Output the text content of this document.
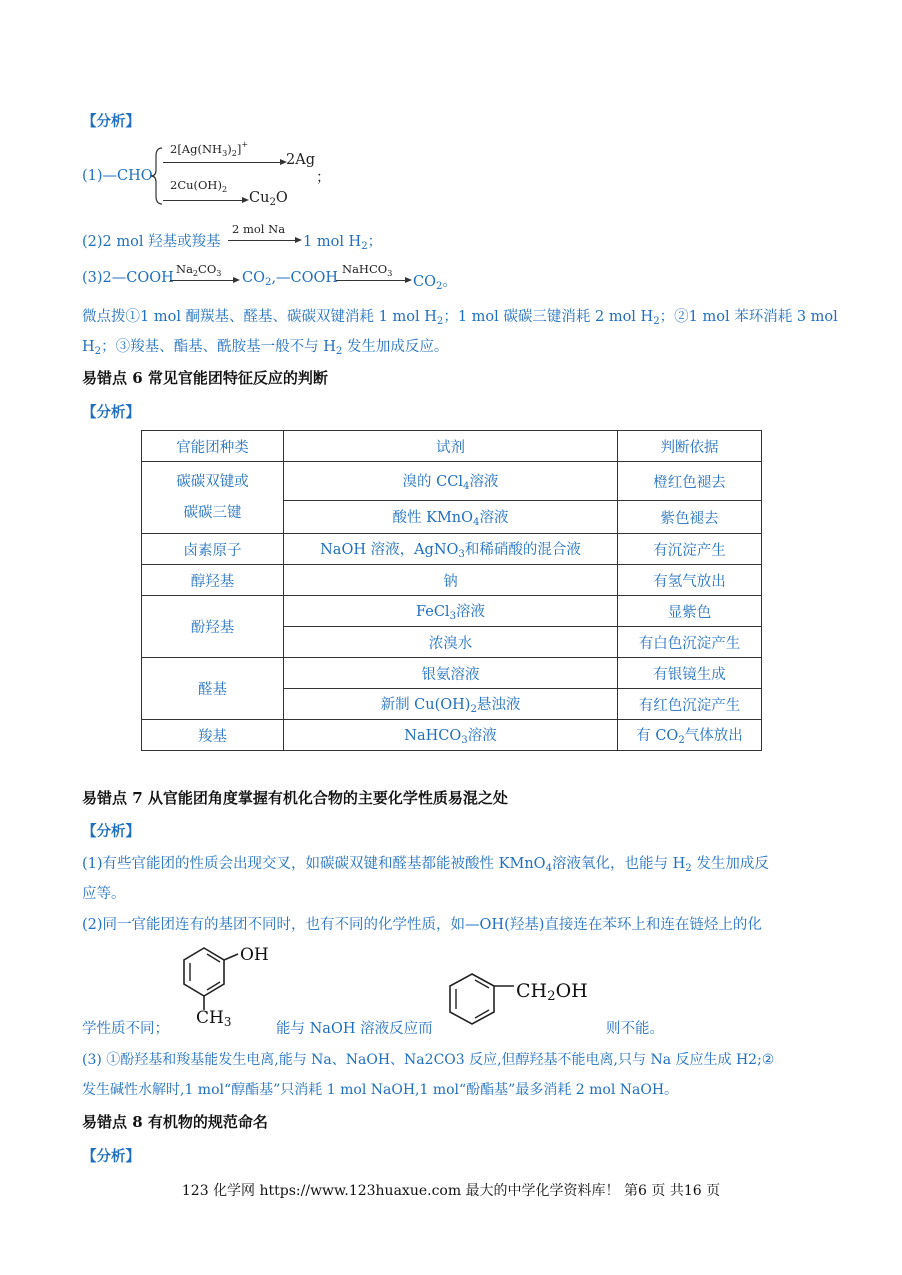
【分析】
(1)—CHO
$2[Ag(NH_3)_2]^+$
2Ag
；
$2Cu(OH)_2$
$Cu_2O$
(2)2 mol 羟基或羧基
2 mol Na
1 mol $H_2$；
(3)2—COOH
$Na_2CO_3$ $CO_2,—COOH$
NaHCO$_3$
$CO_2$。
微点拨①1 mol 酮羰基、醛基、碳碳双键消耗 1 mol $H_2$；1 mol 碳碳三键消耗 2 mol $H_2$；②1 mol 苯环消耗 3 mol
$H_2$；③羧基、酯基、酰胺基一般不与 $H_2$ 发生加成反应。
易错点 6 常见官能团特征反应的判断
【分析】
官能团种类	试剂	判断依据

碳碳双键或
碳碳三键	溴的 CCl$_4$溶液	橙红色褪去
	酸性 KMnO$_4$溶液	紫色褪去
卤素原子	NaOH 溶液，AgNO$_3$和稀硝酸的混合液	有沉淀产生
醇羟基	钠	有氢气放出
酚羟基	FeCl$_3$溶液	显紫色
	浓溴水	有白色沉淀产生
醛基	银氨溶液	有银镜生成
	新制 $Cu(OH)_2$悬浊液	有红色沉淀产生
羧基	NaHCO$_3$溶液	有 $CO_2$气体放出
易错点 7 从官能团角度掌握有机化合物的主要化学性质易混之处
【分析】
(1)有些官能团的性质会出现交叉，如碳碳双键和醛基都能被酸性 KMnO$_4$溶液氧化，也能与 $H_2$ 发生加成反
应等。
(2)同一官能团连有的基团不同时，也有不同的化学性质，如—OH(羟基)直接连在苯环上和连在链烃上的化
OH
$CH_3$
$CH_2OH$
学性质不同；	能与 NaOH 溶液反应而	则不能。
(3) ①酚羟基和羧基能发生电离,能与 Na、NaOH、Na2CO3 反应,但醇羟基不能电离,只与 Na 反应生成 H2;②
发生碱性水解时,1 mol“醇酯基”只消耗 1 mol NaOH,1 mol“酚酯基”最多消耗 2 mol NaOH。
易错点 8 有机物的规范命名
【分析】
123 化学网 https://www.123huaxue.com 最大的中学化学资料库！ 第6 页 共16 页
